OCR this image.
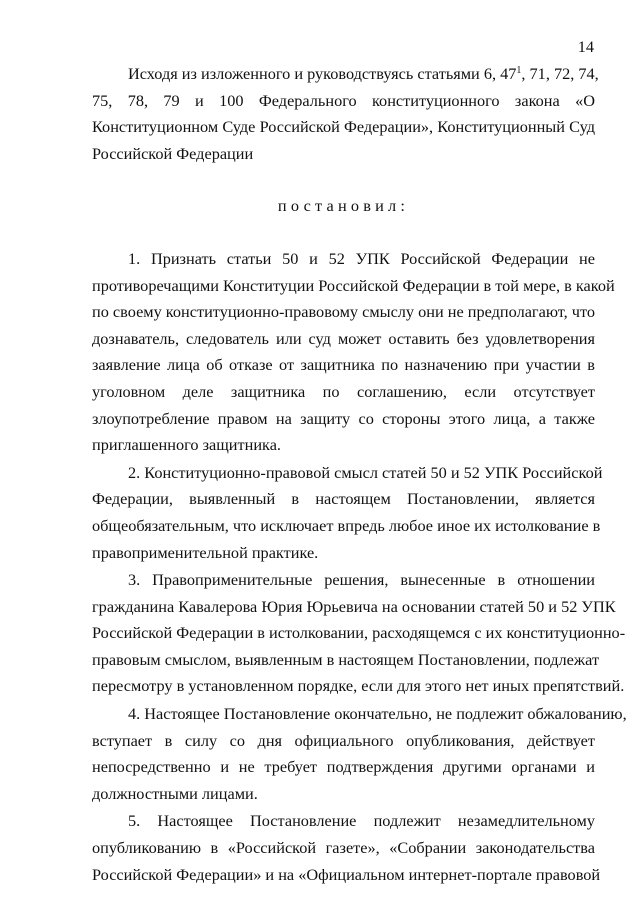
14
Исходя из изложенного и руководствуясь статьями 6, 47$^1$, 71, 72, 74,
75, 78, 79 и 100 Федерального конституционного закона «О
Конституционном Суде Российской Федерации», Конституционный Суд
Российской Федерации
постановил:
1. Признать статьи 50 и 52 УПК Российской Федерации не
противоречащими Конституции Российской Федерации в той мере, в какой
по своему конституционно-правовому смыслу они не предполагают, что
дознаватель, следователь или суд может оставить без удовлетворения
заявление лица об отказе от защитника по назначению при участии в
уголовном деле защитника по соглашению, если отсутствует
злоупотребление правом на защиту со стороны этого лица, а также
приглашенного защитника.
2. Конституционно-правовой смысл статей 50 и 52 УПК Российской
Федерации, выявленный в настоящем Постановлении, является
общеобязательным, что исключает впредь любое иное их истолкование в
правоприменительной практике.
3. Правоприменительные решения, вынесенные в отношении
гражданина Кавалерова Юрия Юрьевича на основании статей 50 и 52 УПК
Российской Федерации в истолковании, расходящемся с их конституционно-
правовым смыслом, выявленным в настоящем Постановлении, подлежат
пересмотру в установленном порядке, если для этого нет иных препятствий.
4. Настоящее Постановление окончательно, не подлежит обжалованию,
вступает в силу со дня официального опубликования, действует
непосредственно и не требует подтверждения другими органами и
должностными лицами.
5. Настоящее Постановление подлежит незамедлительному
опубликованию в «Российской газете», «Собрании законодательства
Российской Федерации» и на «Официальном интернет-портале правовой
